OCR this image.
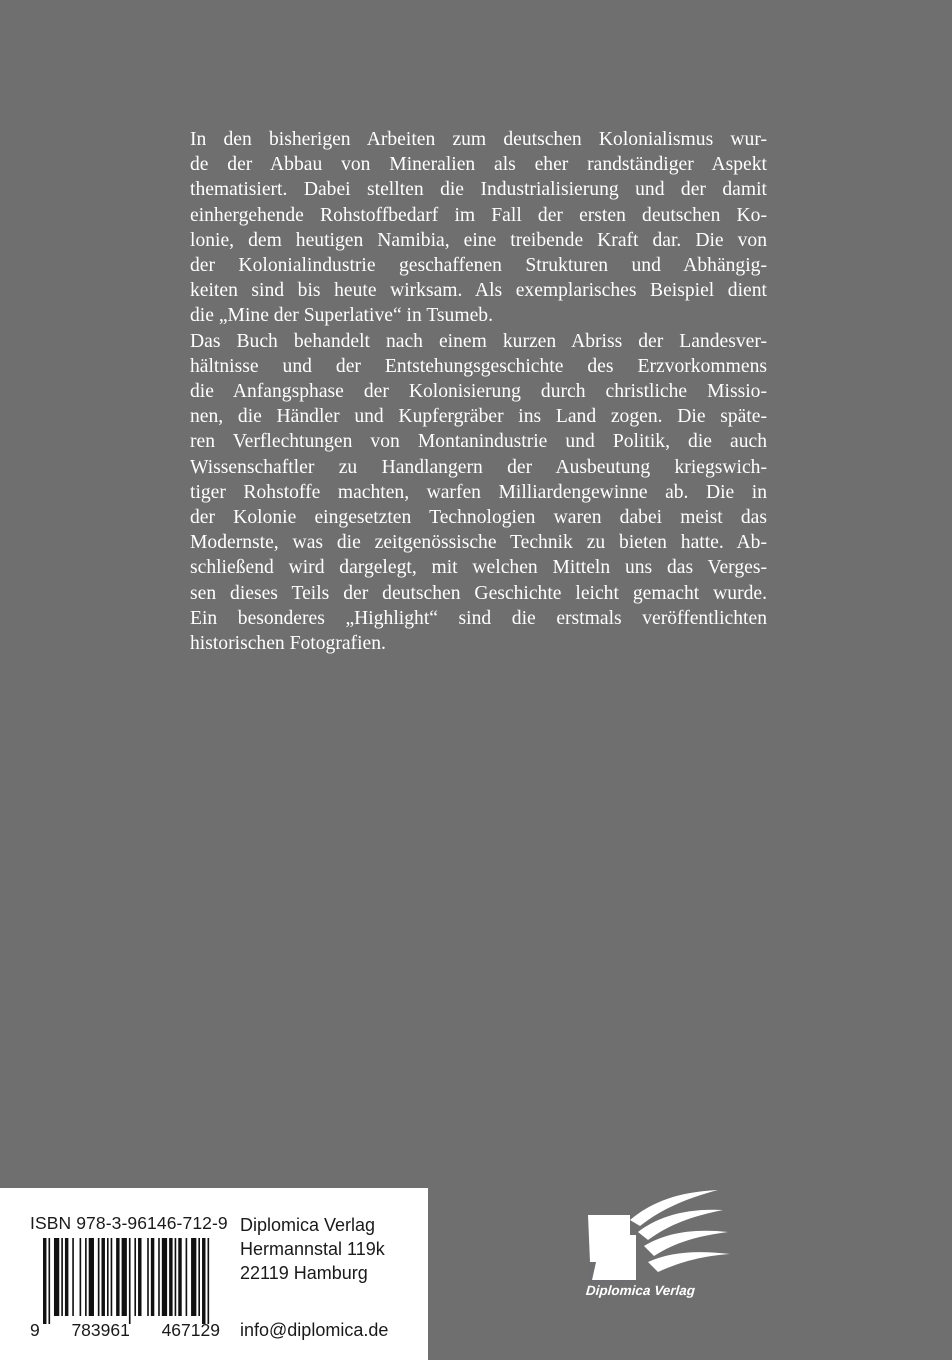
In den bisherigen Arbeiten zum deutschen Kolonialismus wur-
de der Abbau von Mineralien als eher randständiger Aspekt
thematisiert. Dabei stellten die Industrialisierung und der damit
einhergehende Rohstoffbedarf im Fall der ersten deutschen Ko-
lonie, dem heutigen Namibia, eine treibende Kraft dar. Die von
der Kolonialindustrie geschaffenen Strukturen und Abhängig-
keiten sind bis heute wirksam. Als exemplarisches Beispiel dient
die „Mine der Superlative“ in Tsumeb.

Das Buch behandelt nach einem kurzen Abriss der Landesver-
hältnisse und der Entstehungsgeschichte des Erzvorkommens
die Anfangsphase der Kolonisierung durch christliche Missio-
nen, die Händler und Kupfergräber ins Land zogen. Die späte-
ren Verflechtungen von Montanindustrie und Politik, die auch
Wissenschaftler zu Handlangern der Ausbeutung kriegswich-
tiger Rohstoffe machten, warfen Milliardengewinne ab. Die in
der Kolonie eingesetzten Technologien waren dabei meist das
Modernste, was die zeitgenössische Technik zu bieten hatte. Ab-
schließend wird dargelegt, mit welchen Mitteln uns das Verges-
sen dieses Teils der deutschen Geschichte leicht gemacht wurde.
Ein besonderes „Highlight“ sind die erstmals veröffentlichten
historischen Fotografien.

ISBN 978-3-96146-712-9
9 783961 467129
Diplomica Verlag
Hermannstal 119k
22119 Hamburg
info@diplomica.de
Diplomica Verlag
